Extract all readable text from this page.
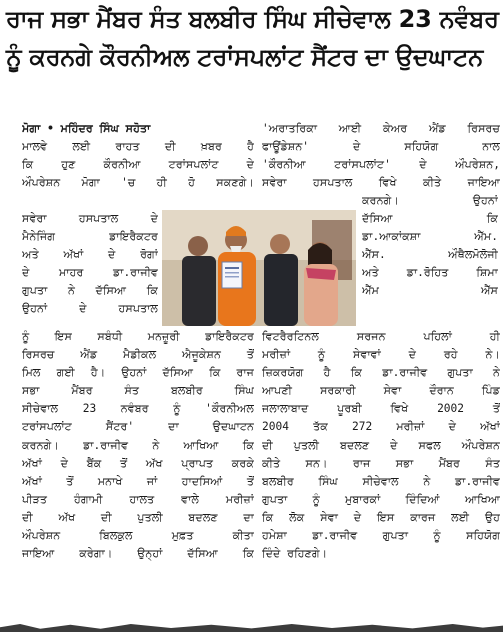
ਰਾਜ ਸਭਾ ਮੈਂਬਰ ਸੰਤ ਬਲਬੀਰ ਸਿੰਘ ਸੀਚੇਵਾਲ 23 ਨਵੰਬਰ
ਨੂੰ ਕਰਨਗੇ ਕੌਰਨੀਅਲ ਟਰਾਂਸਪਲਾਂਟ ਸੈਂਟਰ ਦਾ ਉਦਘਾਟਨ
ਮੋਗਾ • ਮਹਿੰਦਰ ਸਿੰਘ ਸਹੋਤਾ
ਮਾਲਵੇ ਲਈ ਰਾਹਤ ਦੀ ਖ਼ਬਰ ਹੈ
ਕਿ ਹੁਣ ਕੌਰਨੀਆ ਟਰਾਂਸਪਲਾਂਟ ਦੇ
ਔਪਰੇਸ਼ਨ ਮੋਗਾ 'ਚ ਹੀ ਹੋ ਸਕਣਗੇ।
ਸਵੇਰਾ ਹਸਪਤਾਲ ਦੇ
ਮੈਨੇਜਿੰਗ ਡਾਇਰੈਕਟਰ
ਅਤੇ ਅੱਖਾਂ ਦੇ ਰੋਗਾਂ
ਦੇ ਮਾਹਰ ਡਾ.ਰਾਜੀਵ
ਗੁਪਤਾ ਨੇ ਦੱਸਿਆ ਕਿ
ਉਹਨਾਂ ਦੇ ਹਸਪਤਾਲ
ਨੂੰ ਇਸ ਸਬੰਧੀ ਮਨਜ਼ੂਰੀ ਡਾਇਰੈਕਟਰ
ਰਿਸਰਚ ਐਂਡ ਮੈਡੀਕਲ ਐਜੂਕੇਸ਼ਨ ਤੋਂ
ਮਿਲ ਗਈ ਹੈ। ਉਹਨਾਂ ਦੱਸਿਆ ਕਿ ਰਾਜ
ਸਭਾ ਮੈਂਬਰ ਸੰਤ ਬਲਬੀਰ ਸਿੰਘ
ਸੀਚੇਵਾਲ 23 ਨਵੰਬਰ ਨੂੰ 'ਕੌਰਨੀਅਲ
ਟਰਾਂਸਪਲਾਂਟ ਸੈਂਟਰ' ਦਾ ਉਦਘਾਟਨ
ਕਰਨਗੇ। ਡਾ.ਰਾਜੀਵ ਨੇ ਆਖਿਆ ਕਿ
ਅੱਖਾਂ ਦੇ ਬੈਂਕ ਤੋਂ ਅੱਖ ਪ੍ਰਾਪਤ ਕਰਕੇ
ਅੱਖਾਂ ਤੋਂ ਮਨਾਖੇ ਜਾਂ ਹਾਦਸਿਆਂ ਤੋਂ
ਪੀੜਤ ਹੰਗਾਮੀ ਹਾਲਤ ਵਾਲੇ ਮਰੀਜ਼ਾਂ
ਦੀ ਅੱਖ ਦੀ ਪੁਤਲੀ ਬਦਲਣ ਦਾ
ਔਪਰੇਸ਼ਨ ਬਿਲਕੁਲ ਮੁਫ਼ਤ ਕੀਤਾ
ਜਾਇਆ ਕਰੇਗਾ। ਉਨ੍ਹਾਂ ਦੱਸਿਆ ਕਿ
'ਅਰਾਤਰਿਕਾ ਆਈ ਕੇਅਰ ਐਂਡ ਰਿਸਰਚ
ਫਾਊਂਡੇਸ਼ਨ' ਦੇ ਸਹਿਯੋਗ ਨਾਲ
'ਕੌਰਨੀਆ ਟਰਾਂਸਪਲਾਂਟ' ਦੇ ਔਪਰੇਸ਼ਨ,
ਸਵੇਰਾ ਹਸਪਤਾਲ ਵਿਖੇ ਕੀਤੇ ਜਾਇਆ
ਕਰਨਗੇ। ਉਹਨਾਂ
ਦੱਸਿਆ ਕਿ
ਡਾ.ਆਕਾਂਕਸ਼ਾ ਐੱਮ.
ਐੱਸ. ਔਥੈਲਮੋਲੋਜੀ
ਅਤੇ ਡਾ.ਰੋਹਿਤ ਸ਼ਿਮਾ
ਐੱਮ ਐੱਸ
ਵਿਟਰੈਰਟਿਨਲ ਸਰਜਨ ਪਹਿਲਾਂ ਹੀ
ਮਰੀਜ਼ਾਂ ਨੂੰ ਸੇਵਾਵਾਂ ਦੇ ਰਹੇ ਨੇ।
ਜ਼ਿਕਰਯੋਗ ਹੈ ਕਿ ਡਾ.ਰਾਜੀਵ ਗੁਪਤਾ ਨੇ
ਆਪਣੀ ਸਰਕਾਰੀ ਸੇਵਾ ਦੌਰਾਨ ਪਿੰਡ
ਜਲਾਲਾਬਾਦ ਪੂਰਬੀ ਵਿਖੇ 2002 ਤੋਂ
2004 ਤੱਕ 272 ਮਰੀਜ਼ਾਂ ਦੇ ਅੱਖਾਂ
ਦੀ ਪੁਤਲੀ ਬਦਲਣ ਦੇ ਸਫਲ ਔਪਰੇਸ਼ਨ
ਕੀਤੇ ਸਨ। ਰਾਜ ਸਭਾ ਮੈਂਬਰ ਸੰਤ
ਬਲਬੀਰ ਸਿੰਘ ਸੀਚੇਵਾਲ ਨੇ ਡਾ.ਰਾਜੀਵ
ਗੁਪਤਾ ਨੂੰ ਮੁਬਾਰਕਾਂ ਦਿੰਦਿਆਂ ਆਖਿਆ
ਕਿ ਲੋਕ ਸੇਵਾ ਦੇ ਇਸ ਕਾਰਜ ਲਈ ਉਹ
ਹਮੇਸ਼ਾ ਡਾ.ਰਾਜੀਵ ਗੁਪਤਾ ਨੂੰ ਸਹਿਯੋਗ
ਦਿੰਦੇ ਰਹਿਣਗੇ।
